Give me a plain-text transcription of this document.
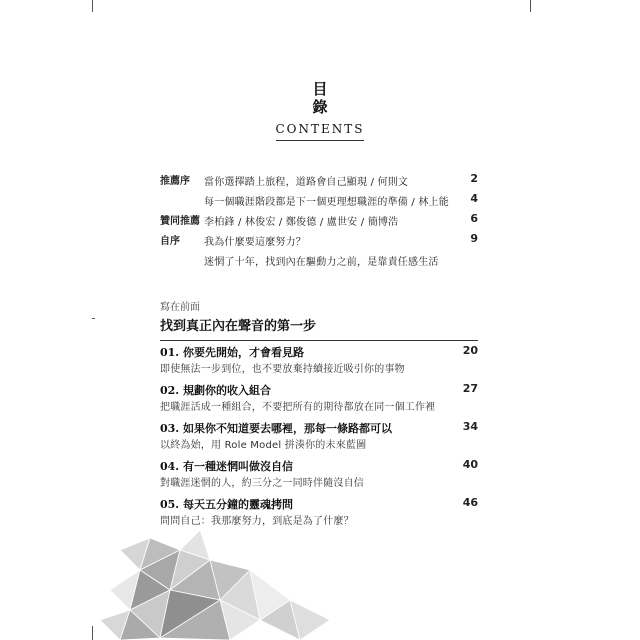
目
錄
CONTENTS
推薦序 當你選擇踏上旅程，道路會自己顯現 / 何則文	2
每一個職涯階段都是下一個更理想職涯的準備 / 林上能 4
贊同推薦 李柏鋒 / 林俊宏 / 鄭俊德 / 盧世安 / 簡博浩	6
自序 我為什麼要這麼努力？	9
迷惘了十年，找到內在驅動力之前，是靠責任感生活
寫在前面
找到真正內在聲音的第一步
01. 你要先開始，才會看見路	20
即使無法一步到位，也不要放棄持續接近吸引你的事物
02. 規劃你的收入組合	27
把職涯活成一種組合，不要把所有的期待都放在同一個工作裡
03. 如果你不知道要去哪裡，那每一條路都可以	34
以終為始，用 Role Model 拼湊你的未來藍圖
04. 有一種迷惘叫做沒自信	40
對職涯迷惘的人，約三分之一同時伴隨沒自信
05. 每天五分鐘的靈魂拷問	46
問問自己：我那麼努力，到底是為了什麼？
